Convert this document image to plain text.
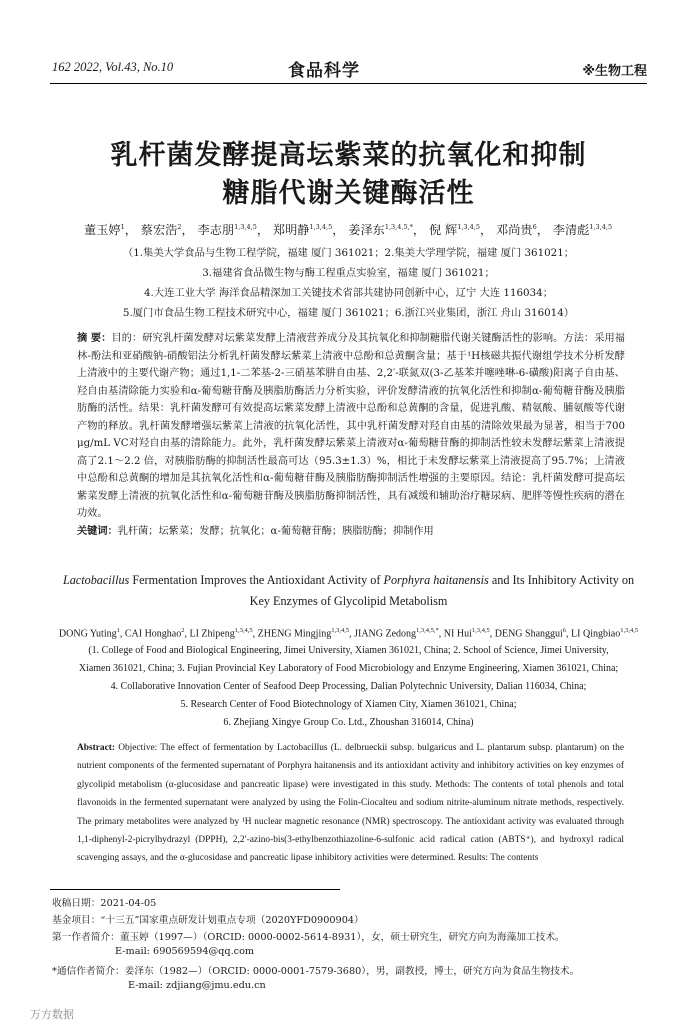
162 2022, Vol.43, No.10	食品科学	※生物工程
乳杆菌发酵提高坛紫菜的抗氧化和抑制
糖脂代谢关键酶活性
董玉婷$^1$， 蔡宏浩$^2$， 李志朋$^{1,3,4,5}$， 郑明静$^{1,3,4,5}$， 姜泽东$^{1,3,4,5,*}$， 倪 辉$^{1,3,4,5}$， 邓尚贵$^6$， 李清彪$^{1,3,4,5}$
（1.集美大学食品与生物工程学院，福建 厦门 361021；2.集美大学理学院，福建 厦门 361021；
3.福建省食品微生物与酶工程重点实验室，福建 厦门 361021；
4.大连工业大学 海洋食品精深加工关键技术省部共建协同创新中心，辽宁 大连 116034；
5.厦门市食品生物工程技术研究中心，福建 厦门 361021；6.浙江兴业集团，浙江 舟山 316014）
摘 要：目的：研究乳杆菌发酵对坛紫菜发酵上清液营养成分及其抗氧化和抑制糖脂代谢关键酶活性的影响。方法：采用福林-酚法和亚硝酸钠-硝酸铝法分析乳杆菌发酵坛紫菜上清液中总酚和总黄酮含量；基于¹H核磁共振代谢组学技术分析发酵上清液中的主要代谢产物；通过1,1-二苯基-2-三硝基苯肼自由基、2,2′-联氮双(3-乙基苯并噻唑啉-6-磺酸)阳离子自由基、羟自由基清除能力实验和α-葡萄糖苷酶及胰脂肪酶活力分析实验，评价发酵清液的抗氧化活性和抑制α-葡萄糖苷酶及胰脂肪酶的活性。结果：乳杆菌发酵可有效提高坛紫菜发酵上清液中总酚和总黄酮的含量，促进乳酸、精氨酸、脯氨酸等代谢产物的释放。乳杆菌发酵增强坛紫菜上清液的抗氧化活性，其中乳杆菌发酵对羟自由基的清除效果最为显著，相当于700 μg/mL VC对羟自由基的清除能力。此外，乳杆菌发酵坛紫菜上清液对α-葡萄糖苷酶的抑制活性较未发酵坛紫菜上清液提高了2.1～2.2 倍，对胰脂肪酶的抑制活性最高可达（95.3±1.3）%，相比于未发酵坛紫菜上清液提高了95.7%；上清液中总酚和总黄酮的增加是其抗氧化活性和α-葡萄糖苷酶及胰脂肪酶抑制活性增强的主要原因。结论：乳杆菌发酵可提高坛紫菜发酵上清液的抗氧化活性和α-葡萄糖苷酶及胰脂肪酶抑制活性，具有减缓和辅助治疗糖尿病、肥胖等慢性疾病的潜在功效。
关键词：乳杆菌；坛紫菜；发酵；抗氧化；α-葡萄糖苷酶；胰脂肪酶；抑制作用
Lactobacillus Fermentation Improves the Antioxidant Activity of Porphyra haitanensis and Its Inhibitory Activity on
Key Enzymes of Glycolipid Metabolism
DONG Yuting$^1$, CAI Honghao$^2$, LI Zhipeng$^{1,3,4,5}$, ZHENG Mingjing$^{1,3,4,5}$, JIANG Zedong$^{1,3,4,5,*}$, NI Hui$^{1,3,4,5}$, DENG Shanggui$^6$, LI Qingbiao$^{1,3,4,5}$
(1. College of Food and Biological Engineering, Jimei University, Xiamen 361021, China; 2. School of Science, Jimei University,
Xiamen 361021, China; 3. Fujian Provincial Key Laboratory of Food Microbiology and Enzyme Engineering, Xiamen 361021, China;
4. Collaborative Innovation Center of Seafood Deep Processing, Dalian Polytechnic University, Dalian 116034, China;
5. Research Center of Food Biotechnology of Xiamen City, Xiamen 361021, China;
6. Zhejiang Xingye Group Co. Ltd., Zhoushan 316014, China)
Abstract: Objective: The effect of fermentation by Lactobacillus (L. delbrueckii subsp. bulgaricus and L. plantarum subsp. plantarum) on the nutrient components of the fermented supernatant of Porphyra haitanensis and its antioxidant activity and inhibitory activities on key enzymes of glycolipid metabolism (α-glucosidase and pancreatic lipase) were investigated in this study. Methods: The contents of total phenols and total flavonoids in the fermented supernatant were analyzed by using the Folin-Ciocalteu and sodium nitrite-aluminum nitrate methods, respectively. The primary metabolites were analyzed by ¹H nuclear magnetic resonance (NMR) spectroscopy. The antioxidant activity was evaluated through 1,1-diphenyl-2-picrylhydrazyl (DPPH), 2,2′-azino-bis(3-ethylbenzothiazoline-6-sulfonic acid radical cation (ABTS⁺), and hydroxyl radical scavenging assays, and the α-glucosidase and pancreatic lipase inhibitory activities were determined. Results: The contents
收稿日期：2021-04-05
基金项目：“十三五”国家重点研发计划重点专项（2020YFD0900904）
第一作者简介：董玉婷（1997—）（ORCID: 0000-0002-5614-8931），女，硕士研究生，研究方向为海藻加工技术。
E-mail: 690569594@qq.com
*通信作者简介：姜泽东（1982—）（ORCID: 0000-0001-7579-3680），男，副教授，博士，研究方向为食品生物技术。
E-mail: zdjiang@jmu.edu.cn
万方数据
